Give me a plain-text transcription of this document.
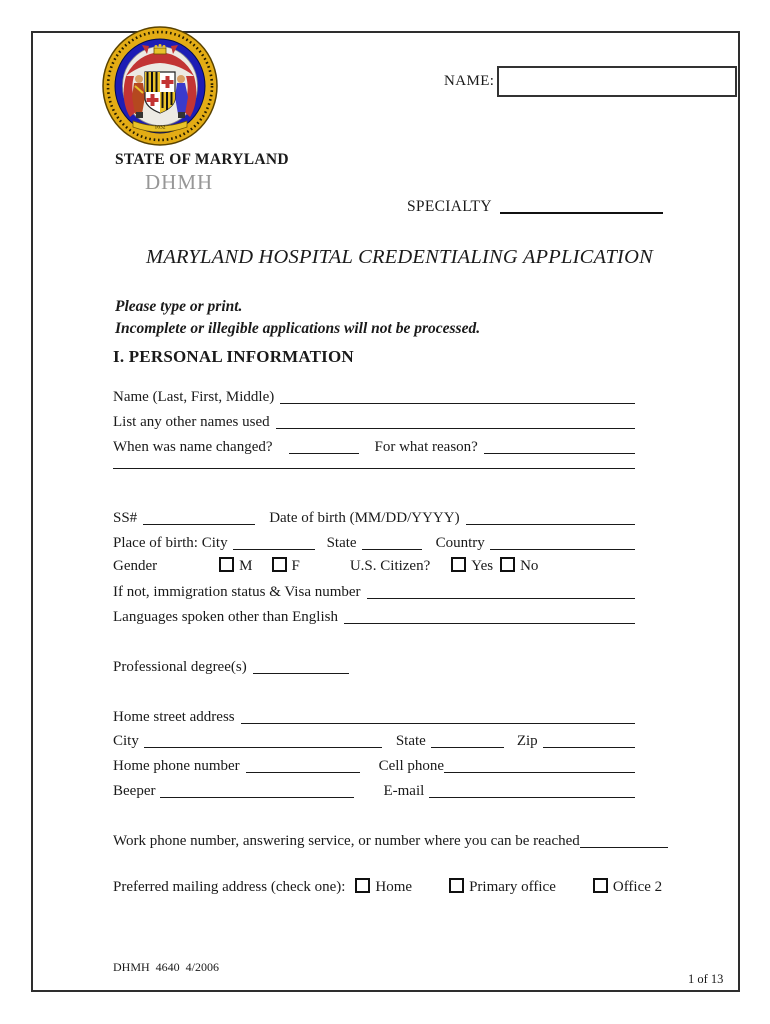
1632
NAME:
STATE OF MARYLAND
DHMH
SPECIALTY
MARYLAND HOSPITAL CREDENTIALING APPLICATION
Please type or print.
Incomplete or illegible applications will not be processed.
I. PERSONAL INFORMATION
Name (Last, First, Middle)
List any other names used
When was name changed?	For what reason?
SS#	Date of birth (MM/DD/YYYY)
Place of birth: City	State	Country
Gender	M	F	U.S. Citizen?	Yes No
If not, immigration status & Visa number
Languages spoken other than English
Professional degree(s)
Home street address
City	State	Zip
Home phone number	Cell phone
Beeper	E-mail
Work phone number, answering service, or number where you can be reached
Preferred mailing address (check one): Home	Primary office	Office 2
DHMH  4640  4/2006
1 of 13
